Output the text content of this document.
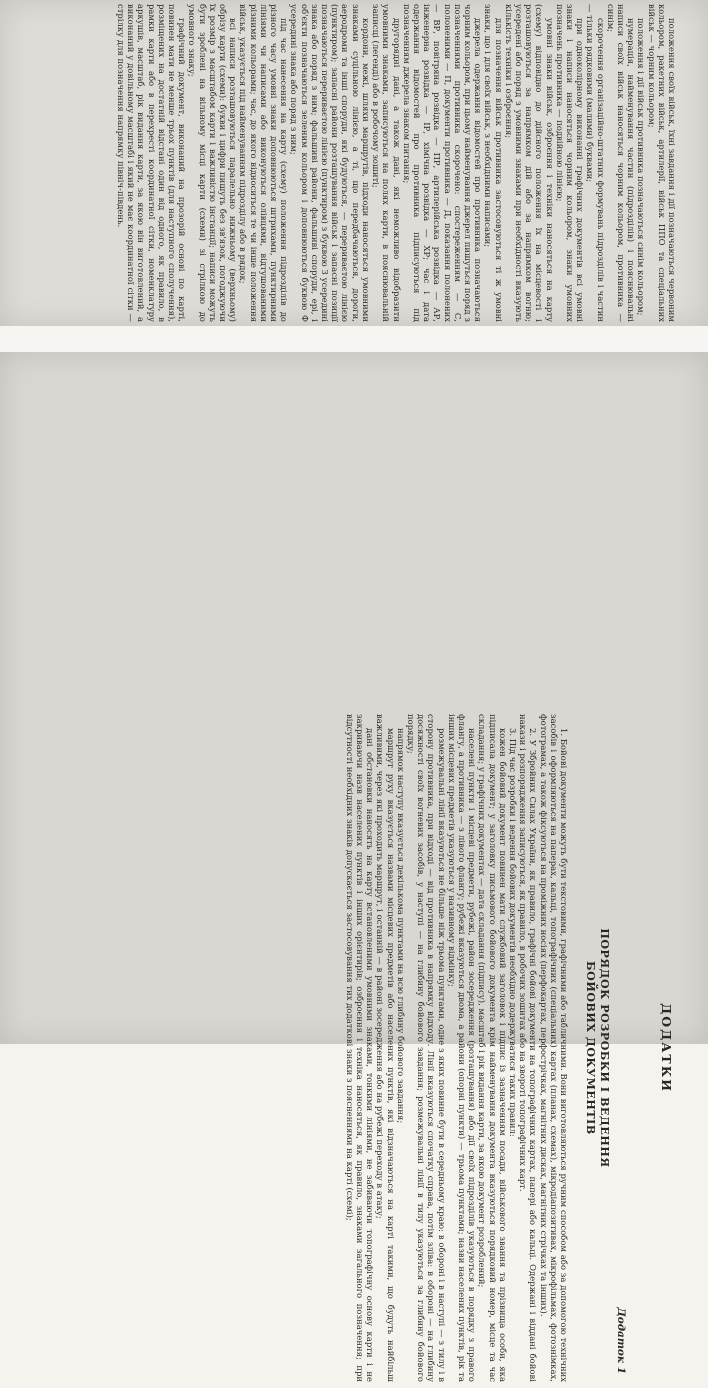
положення своїх військ, їхні завдання і дії позначаються червоним кольором, ракетних військ, артилерії, військ ППО та спеціальних військ — чорним кольором;

положення і дії військ противника позначаються синім кольором;

нумерація, найменування частин (підрозділів) і пояснювальні написи своїх військ наносяться чорним кольором, противника — синім;

скорочення організаційно-штатних формувань підрозділів і частин — тільки рядковими (малими) буквами;

при одноколірному виконанні графічних документів всі умовні знаки і написи наносяться чорним кольором, знаки умовних позначень противника — подвійною лінією;

умовні знаки військ, озброєння і техніки наносяться на карту (схему) відповідно до дійсного положення їх на місцевості і розташовуються за напрямком дій або за напрямком вогню; усередені або поряд з умовними знаками при необхідності вказують кількість техніки і озброєння;

для позначення військ противника застосовуються ті ж умовні знаки, що і для своїх військ, з необхідними написами;

джерела одержання відомостей про противника позначаються чорним кольором, при цьому найменування джерел пишуться поряд з позначеннями противника скорочено: спостереженням — С, полоненими — П, документи противника — Д, показання полонених — ВР, повітряна розвідка — ПР, артилерійська розвідка — АР, інженерна розвідка — ІР, хімічна розвідка — ХР; час і дата одержання відомостей про противника підписуються під позначенням джерела знаком питання;

другорядні дані, а також дані, які неможливо відобразити умовними знаками, записуються на полях карти, в пояснювальній записці (легенді) або в робочому зошиті;

кордони, межі, шляхи маршрутів, підходи наносяться умовними знаками суцільною лінією, а ті, що передбачаються, дороги, аеродроми та інші споруди, які будуються, — перериваєтою лінією (пунктиром); запасні райони розташування військ і запасні позиції позначаються перериваєтою лінією (пунктиром) з буквою З усередині знака або поряд з ним; фальшиві райони, фальшиві споруди, ері, і об'єкти позначаються зеленим кольором і доповнюються буквою Ф усередині знака або поряд з ним;

під час нанесення на карту (схему) положення підрозділів до різного часу умовні знаки доповнюються штрихами, пунктирними лініями чи написами або виконуються олівцями, відтушованими різними кольорами; час, до якого відноситься те чи інше положення військ, указується під найменуванням підрозділу або в рядок;

всі написи розташовуються паралельно нижньому (верхньому) обрізу карти (схеми): букви і цифри пишуть без зв'язок, погоджуючи їх розмір з масштабом карти і важливістю інстанції; написи можуть бути зроблені на вільному місці карти (схеми) зі стрілкою до умовного знаку;

графічний документ, виконаний на прозорій основі по карті, повинен мати не менше трьох пунктів (для наступного сполучення), розміщених на достатній відстані один від одного, як правило, в рамки карти або в перехресті координатної сітки, номенклатуру аркушів, масштаб, рік видання карти, за якою він виготовлений, а виконаний у довільному масштабі і який не має координатної сітки — стрілку для позначення напрямку північ-південь.

ДОДАТКИ
Додаток 1
ПОРЯДОК РОЗРОБКИ І ВЕДЕННЯ
БОЙОВИХ ДОКУМЕНТІВ

1. Бойові документи можуть бути текстовими, графічними або табличними. Вони виготовляються ручним способом або за допомогою технічних засобів і оформляються на паперах, кальці, топографічних (спеціальних) картах (планах, схемах), мікродіапозитивах, мікрофільмах, фотознімках, фотограмах, а також фіксуються на проміжних носіях (перфокартах, перфострічках, магнітних дисках, магнітних стрічках та інших).

2. У Збройних Силах України, як правило, графічні бойові документи на топографічних картах, папері або кальці. Одержані і віддані бойові накази і розпорядження записуються, як правило, в робочих зошитах або на звороті топографічних карт.

3. Під час розробки і ведення бойових документів необхідно додержуватися таких правил:

кожен бойовий документ повинен мати службовий заголовок і підпис із зазначенням посади, військового звання та прізвища особи, яка підписала документ; у заголовку письмового бойового документа крім найменування документа вказуються порядковий номер, місце та час складання; у графічних документах — дата складання (підпису), масштаб і рік видання карти, за якою документ розроблений;

населені пункти і місцеві предмети, рубежі, район зосередження (розташування) або дії своїх підрозділів указуються в порядку з правого флангу, а противника — з лівого флангу; рубежі вказуються двома, а райони (опорні пункти) — трьома пунктами; назви населених пунктів, рік та інших місцевих предметів указуються у називному відмінку;

розмежувальні лінії вказуються не більше ніж трьома пунктами, одне з яких повинне бути в середньому краю: в обороні і в наступі — з тилу і в сторону противника, при відході — від противника в напрямку відходу. Лінії вказуються спочатку справа, потім зліва: в обороні — на глибину досяжності своїх вогневих засобів, у наступі — на глибину бойового завдання; розмежувальні лінії в тилу указуються за глибину бойового порядку;

напрямок наступу вказується декількома пунктами на всю глибину бойового завдання;

маршрут руху вказується назвами місцевих предметів або населених пунктів, які відзначаються на карті такими, що будуть найбільш важливими, через які проходить маршрут, і останній — в районі зосередження або на рубежі переходу в атаку;

дані обстановки наносять на карту встановленими умовними знаками, тонкими лініями, не забиваючи топографічну основу карти і не закриваючи назв населених пунктів і інших орієнтирів; озброєння і техніка наносяться, як правило, знаками загального позначення; при відсутності необхідних знаків допускається застосовування тих додаткові знаки з поясненнями на карті (схемі);
